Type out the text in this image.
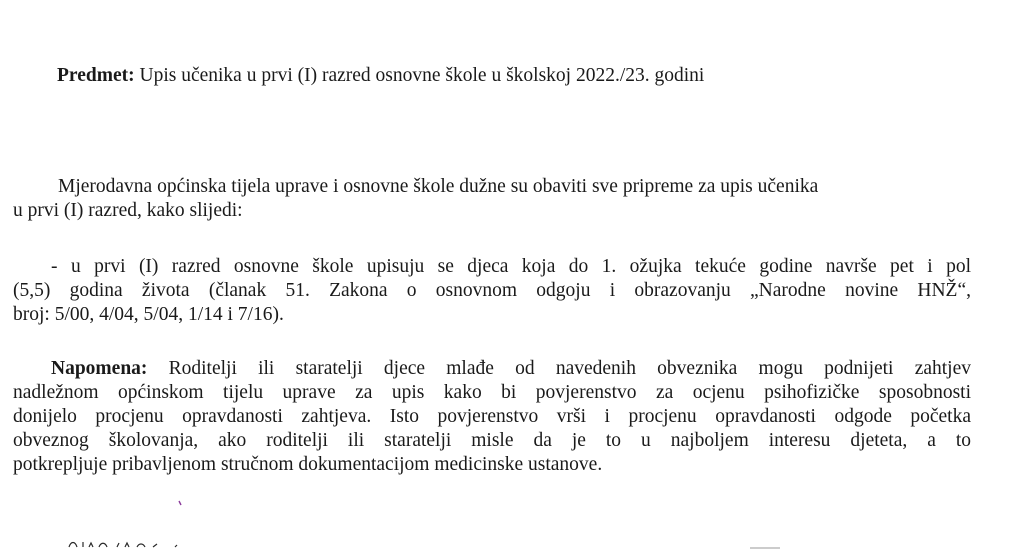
Predmet: Upis učenika u prvi (I) razred osnovne škole u školskoj 2022./23. godini
Mjerodavna općinska tijela uprave i osnovne škole dužne su obaviti sve pripreme za upis učenika
u prvi (I) razred, kako slijedi:
- u prvi (I) razred osnovne škole upisuju se djeca koja do 1. ožujka tekuće godine navrše pet i pol
(5,5) godina života (članak 51. Zakona o osnovnom odgoju i obrazovanju „Narodne novine HNŽ“,
broj: 5/00, 4/04, 5/04, 1/14 i 7/16).
Napomena: Roditelji ili staratelji djece mlađe od navedenih obveznika mogu podnijeti zahtjev
nadležnom općinskom tijelu uprave za upis kako bi povjerenstvo za ocjenu psihofizičke sposobnosti
donijelo procjenu opravdanosti zahtjeva. Isto povjerenstvo vrši i procjenu opravdanosti odgode početka
obveznog školovanja, ako roditelji ili staratelji misle da je to u najboljem interesu djeteta, a to
potkrepljuje pribavljenom stručnom dokumentacijom medicinske ustanove.
